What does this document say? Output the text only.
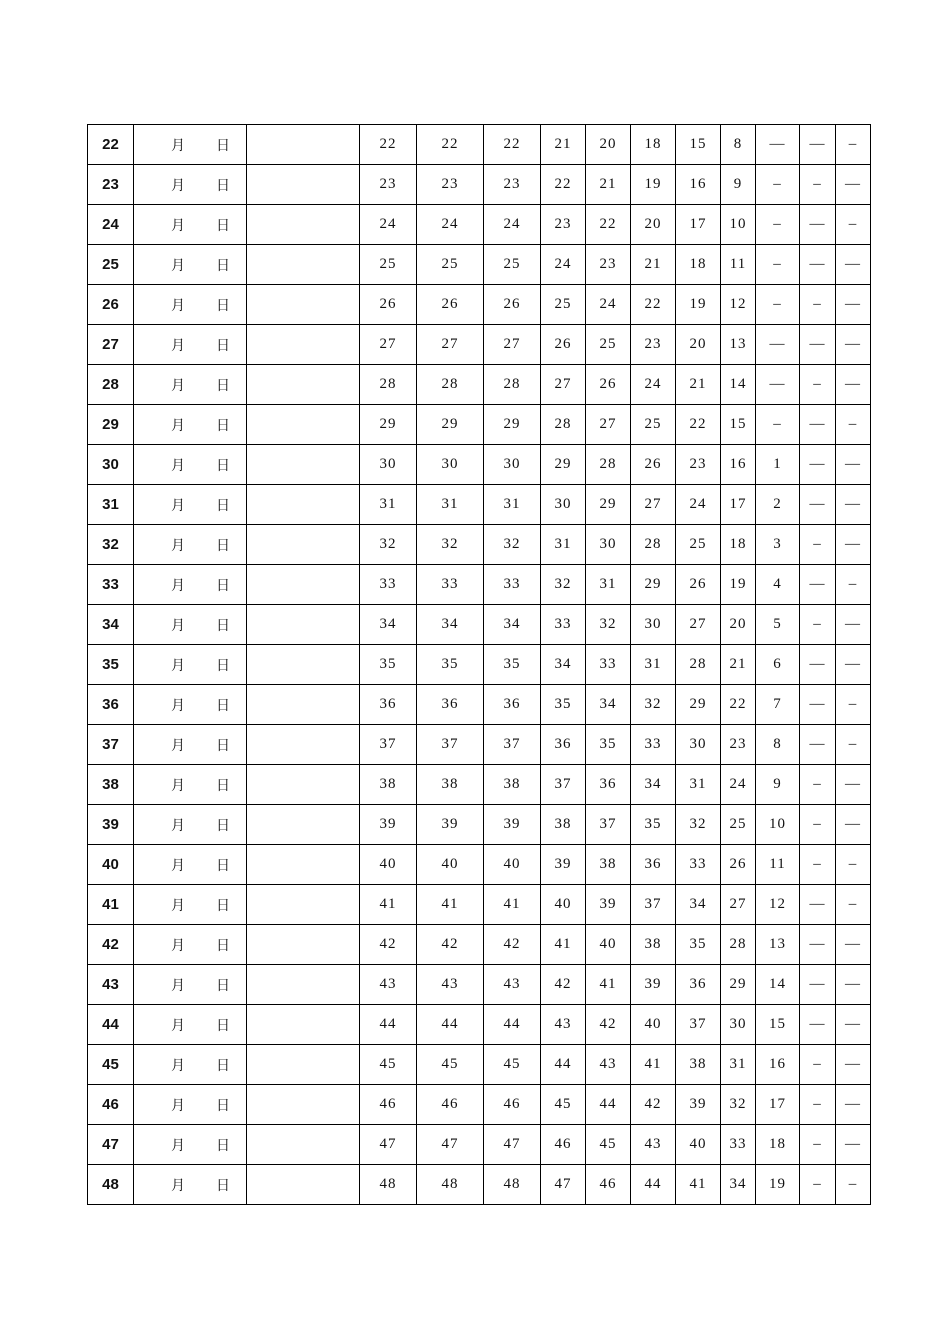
22	月 日		22	22	22	21	20	18	15	8	—	—	–
23	月 日		23	23	23	22	21	19	16	9	–	–	—
24	月 日		24	24	24	23	22	20	17	10	–	—	–
25	月 日		25	25	25	24	23	21	18	11	–	—	—
26	月 日		26	26	26	25	24	22	19	12	–	–	—
27	月 日		27	27	27	26	25	23	20	13	—	—	—
28	月 日		28	28	28	27	26	24	21	14	—	–	—
29	月 日		29	29	29	28	27	25	22	15	–	—	–
30	月 日		30	30	30	29	28	26	23	16	1	—	—
31	月 日		31	31	31	30	29	27	24	17	2	—	—
32	月 日		32	32	32	31	30	28	25	18	3	–	—
33	月 日		33	33	33	32	31	29	26	19	4	—	–
34	月 日		34	34	34	33	32	30	27	20	5	–	—
35	月 日		35	35	35	34	33	31	28	21	6	—	—
36	月 日		36	36	36	35	34	32	29	22	7	—	–
37	月 日		37	37	37	36	35	33	30	23	8	—	–
38	月 日		38	38	38	37	36	34	31	24	9	–	—
39	月 日		39	39	39	38	37	35	32	25	10	–	—
40	月 日		40	40	40	39	38	36	33	26	11	–	–
41	月 日		41	41	41	40	39	37	34	27	12	—	–
42	月 日		42	42	42	41	40	38	35	28	13	—	—
43	月 日		43	43	43	42	41	39	36	29	14	—	—
44	月 日		44	44	44	43	42	40	37	30	15	—	—
45	月 日		45	45	45	44	43	41	38	31	16	–	—
46	月 日		46	46	46	45	44	42	39	32	17	–	—
47	月 日		47	47	47	46	45	43	40	33	18	–	—
48	月 日		48	48	48	47	46	44	41	34	19	–	–
